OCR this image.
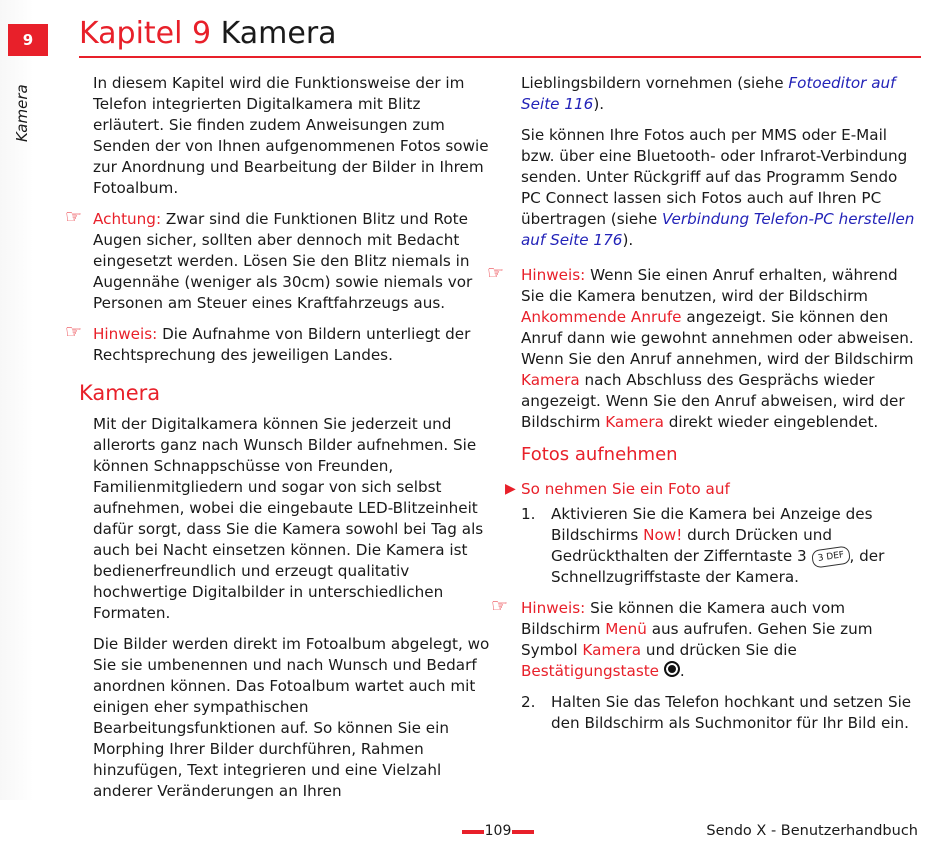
9
Kamera
Kapitel 9 Kamera

In diesem Kapitel wird die Funktionsweise der im Telefon integrierten Digitalkamera mit Blitz erläutert. Sie finden zudem Anweisungen zum Senden der von Ihnen aufgenommenen Fotos sowie zur Anordnung und Bearbeitung der Bilder in Ihrem Fotoalbum.

☞ Achtung: Zwar sind die Funktionen Blitz und Rote Augen sicher, sollten aber dennoch mit Bedacht eingesetzt werden. Lösen Sie den Blitz niemals in Augennähe (weniger als 30cm) sowie niemals vor Personen am Steuer eines Kraftfahrzeugs aus.
☞ Hinweis: Die Aufnahme von Bildern unterliegt der Rechtsprechung des jeweiligen Landes.
Kamera

Mit der Digitalkamera können Sie jederzeit und allerorts ganz nach Wunsch Bilder aufnehmen. Sie können Schnappschüsse von Freunden, Familienmitgliedern und sogar von sich selbst aufnehmen, wobei die eingebaute LED-Blitzeinheit dafür sorgt, dass Sie die Kamera sowohl bei Tag als auch bei Nacht einsetzen können. Die Kamera ist bedienerfreundlich und erzeugt qualitativ hochwertige Digitalbilder in unterschiedlichen Formaten.

Die Bilder werden direkt im Fotoalbum abgelegt, wo Sie sie umbenennen und nach Wunsch und Bedarf anordnen können. Das Fotoalbum wartet auch mit einigen eher sympathischen Bearbeitungsfunktionen auf. So können Sie ein Morphing Ihrer Bilder durchführen, Rahmen hinzufügen, Text integrieren und eine Vielzahl anderer Veränderungen an Ihren

Lieblingsbildern vornehmen (siehe Fotoeditor auf Seite 116).

Sie können Ihre Fotos auch per MMS oder E-Mail bzw. über eine Bluetooth- oder Infrarot-Verbindung senden. Unter Rückgriff auf das Programm Sendo PC Connect lassen sich Fotos auch auf Ihren PC übertragen (siehe Verbindung Telefon-PC herstellen auf Seite 176).

☞ Hinweis: Wenn Sie einen Anruf erhalten, während Sie die Kamera benutzen, wird der Bildschirm Ankommende Anrufe angezeigt. Sie können den Anruf dann wie gewohnt annehmen oder abweisen. Wenn Sie den Anruf annehmen, wird der Bildschirm Kamera nach Abschluss des Gesprächs wieder angezeigt. Wenn Sie den Anruf abweisen, wird der Bildschirm Kamera direkt wieder eingeblendet.
Fotos aufnehmen
▶ So nehmen Sie ein Foto auf
1. Aktivieren Sie die Kamera bei Anzeige des Bildschirms Now! durch Drücken und Gedrückthalten der Zifferntaste 3 3 DEF , der Schnellzugriffstaste der Kamera.
☞ Hinweis: Sie können die Kamera auch vom Bildschirm Menü aus aufrufen. Gehen Sie zum Symbol Kamera und drücken Sie die Bestätigungstaste .
2. Halten Sie das Telefon hochkant und setzen Sie den Bildschirm als Suchmonitor für Ihr Bild ein.
109	Sendo X - Benutzerhandbuch
